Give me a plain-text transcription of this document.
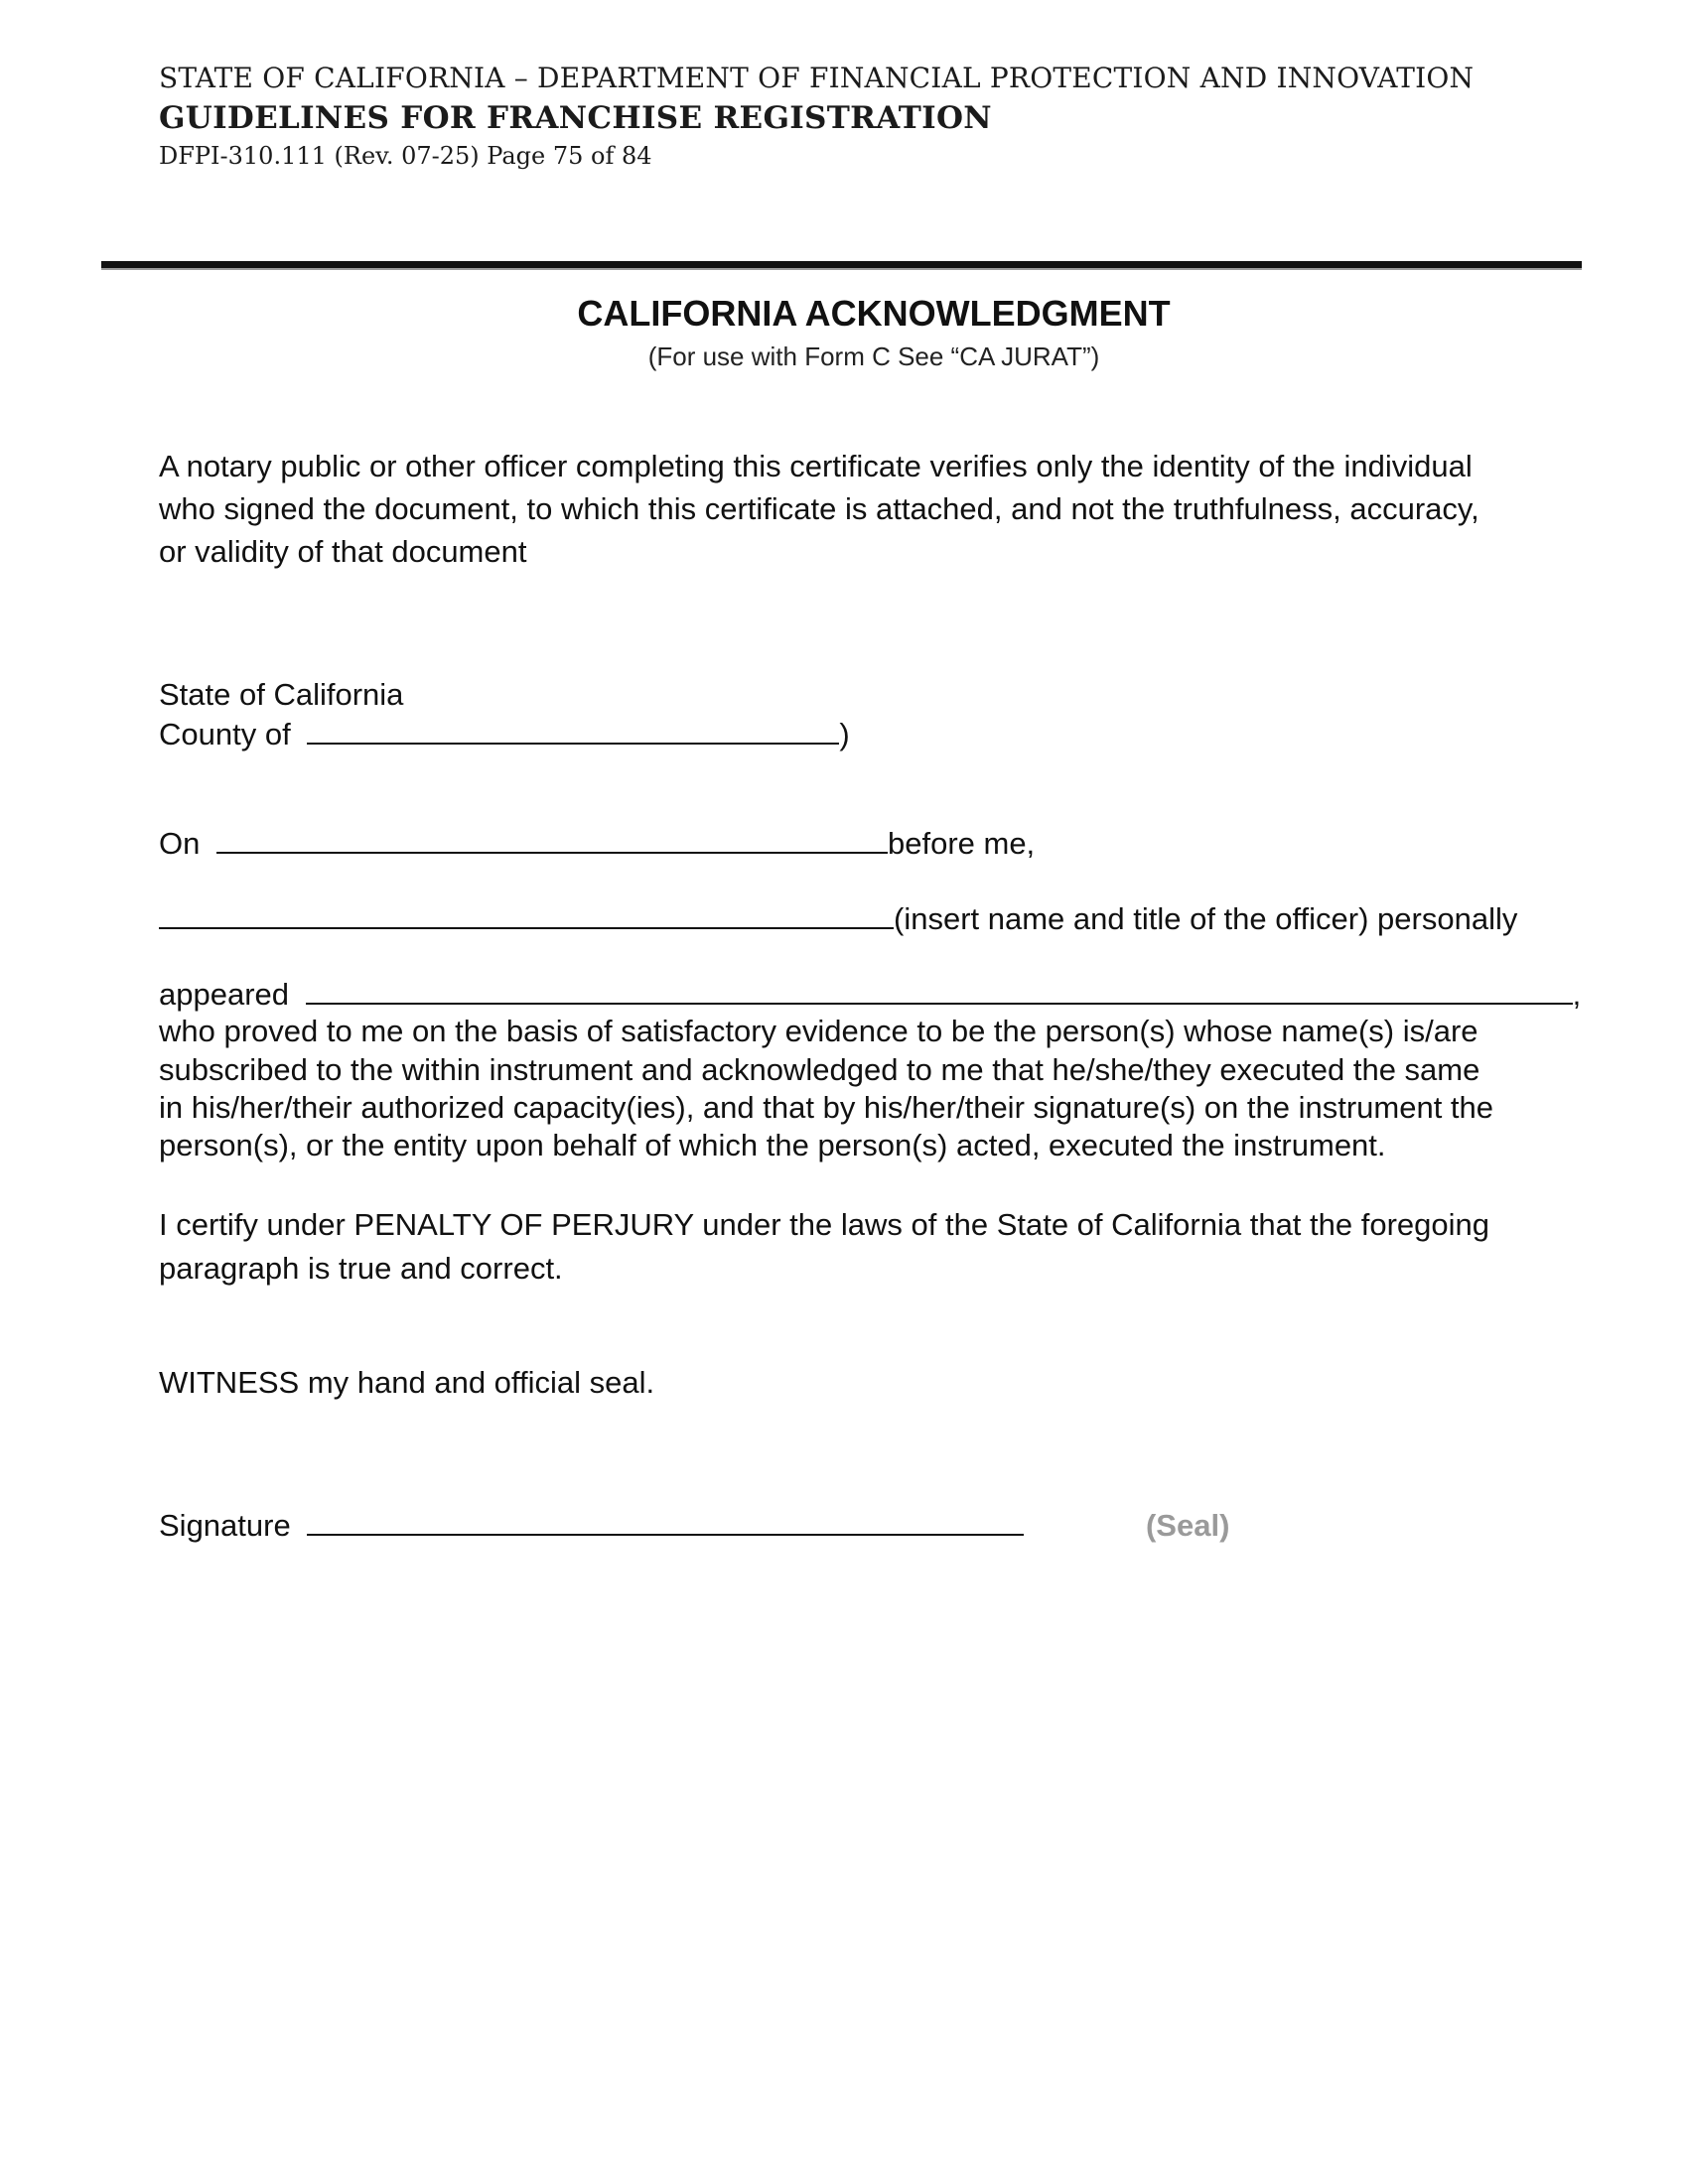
STATE OF CALIFORNIA – DEPARTMENT OF FINANCIAL PROTECTION AND INNOVATION
GUIDELINES FOR FRANCHISE REGISTRATION
DFPI-310.111 (Rev. 07-25) Page 75 of 84
CALIFORNIA ACKNOWLEDGMENT
(For use with Form C See “CA JURAT”)
A notary public or other officer completing this certificate verifies only the identity of the individual
who signed the document, to which this certificate is attached, and not the truthfulness, accuracy,
or validity of that document
State of California
County of	)
On	before me,
(insert name and title of the officer) personally
appeared	,
who proved to me on the basis of satisfactory evidence to be the person(s) whose name(s) is/are
subscribed to the within instrument and acknowledged to me that he/she/they executed the same
in his/her/their authorized capacity(ies), and that by his/her/their signature(s) on the instrument the
person(s), or the entity upon behalf of which the person(s) acted, executed the instrument.
I certify under PENALTY OF PERJURY under the laws of the State of California that the foregoing
paragraph is true and correct.
WITNESS my hand and official seal.
Signature	(Seal)
